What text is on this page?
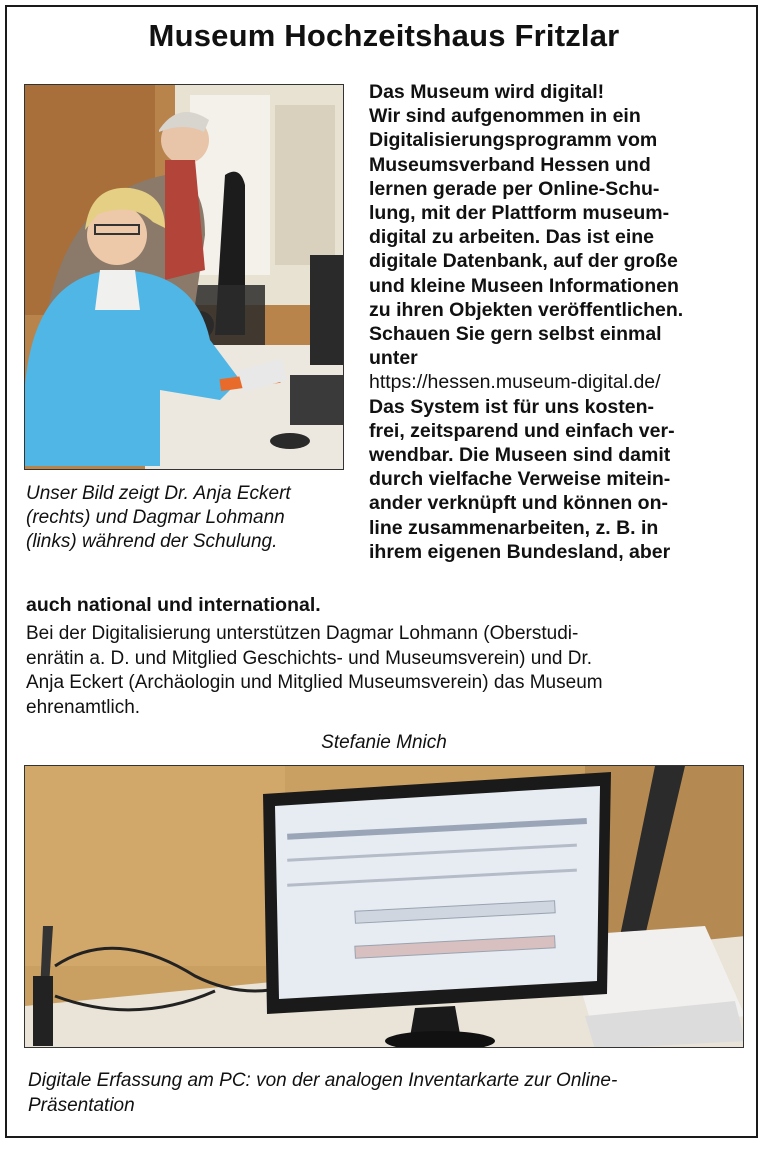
Museum Hochzeitshaus Fritzlar
Unser Bild zeigt Dr. Anja Eckert
(rechts) und Dagmar Lohmann
(links) während der Schulung.
Das Museum wird digital!
Wir sind aufgenommen in ein
Digitalisierungsprogramm vom
Museumsverband Hessen und
lernen gerade per Online-Schu-
lung, mit der Plattform museum-
digital zu arbeiten. Das ist eine
digitale Datenbank, auf der große
und kleine Museen Informationen
zu ihren Objekten veröffentlichen.
Schauen Sie gern selbst einmal
unter
https://hessen.museum-digital.de/
Das System ist für uns kosten-
frei, zeitsparend und einfach ver-
wendbar. Die Museen sind damit
durch vielfache Verweise mitein-
ander verknüpft und können on-
line zusammenarbeiten, z. B. in
ihrem eigenen Bundesland, aber
auch national und international.
Bei der Digitalisierung unterstützen Dagmar Lohmann (Oberstudi-
enrätin a. D. und Mitglied Geschichts- und Museumsverein) und Dr.
Anja Eckert (Archäologin und Mitglied Museumsverein) das Museum
ehrenamtlich.
Stefanie Mnich
Digitale Erfassung am PC: von der analogen Inventarkarte zur Online-
Präsentation
